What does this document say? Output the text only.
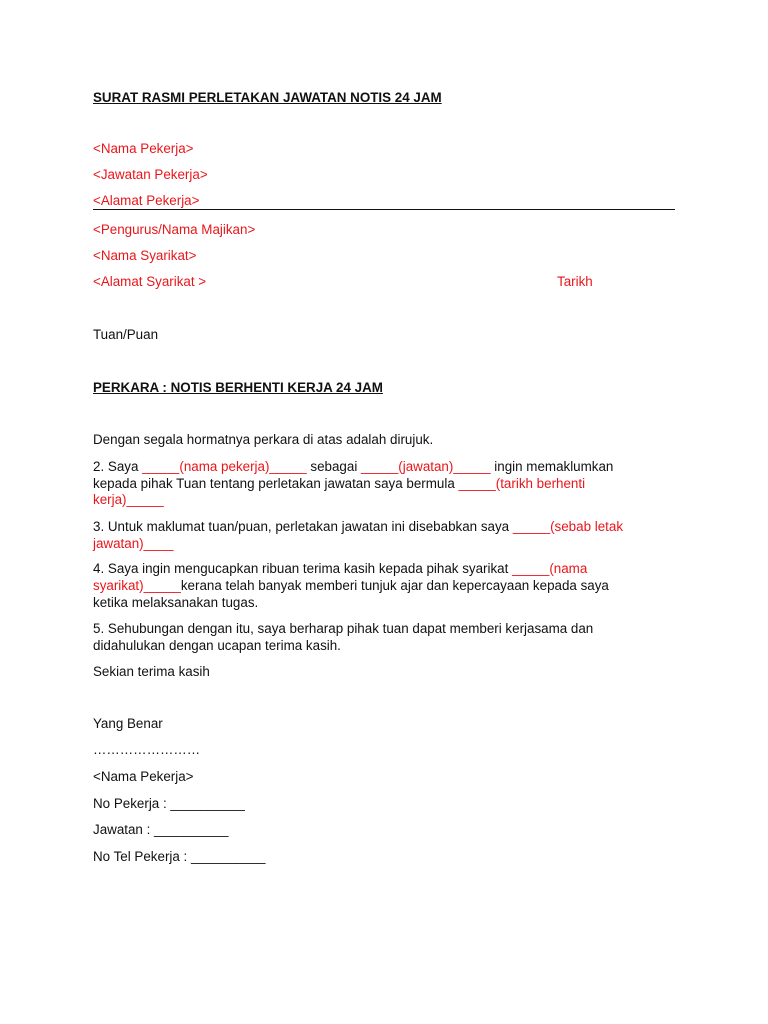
SURAT RASMI PERLETAKAN JAWATAN NOTIS 24 JAM
<Nama Pekerja>
<Jawatan Pekerja>
<Alamat Pekerja>
<Pengurus/Nama Majikan>
<Nama Syarikat>
<Alamat Syarikat >	Tarikh
Tuan/Puan
PERKARA : NOTIS BERHENTI KERJA 24 JAM
Dengan segala hormatnya perkara di atas adalah dirujuk.
2. Saya _____(nama pekerja)_____ sebagai _____(jawatan)_____ ingin memaklumkan
kepada pihak Tuan tentang perletakan jawatan saya bermula _____(tarikh berhenti
kerja)_____
3. Untuk maklumat tuan/puan, perletakan jawatan ini disebabkan saya _____(sebab letak
jawatan)____
4. Saya ingin mengucapkan ribuan terima kasih kepada pihak syarikat _____(nama
syarikat)_____kerana telah banyak memberi tunjuk ajar dan kepercayaan kepada saya
ketika melaksanakan tugas.
5. Sehubungan dengan itu, saya berharap pihak tuan dapat memberi kerjasama dan
didahulukan dengan ucapan terima kasih.
Sekian terima kasih
Yang Benar
……………………
<Nama Pekerja>
No Pekerja : __________
Jawatan : __________
No Tel Pekerja : __________
